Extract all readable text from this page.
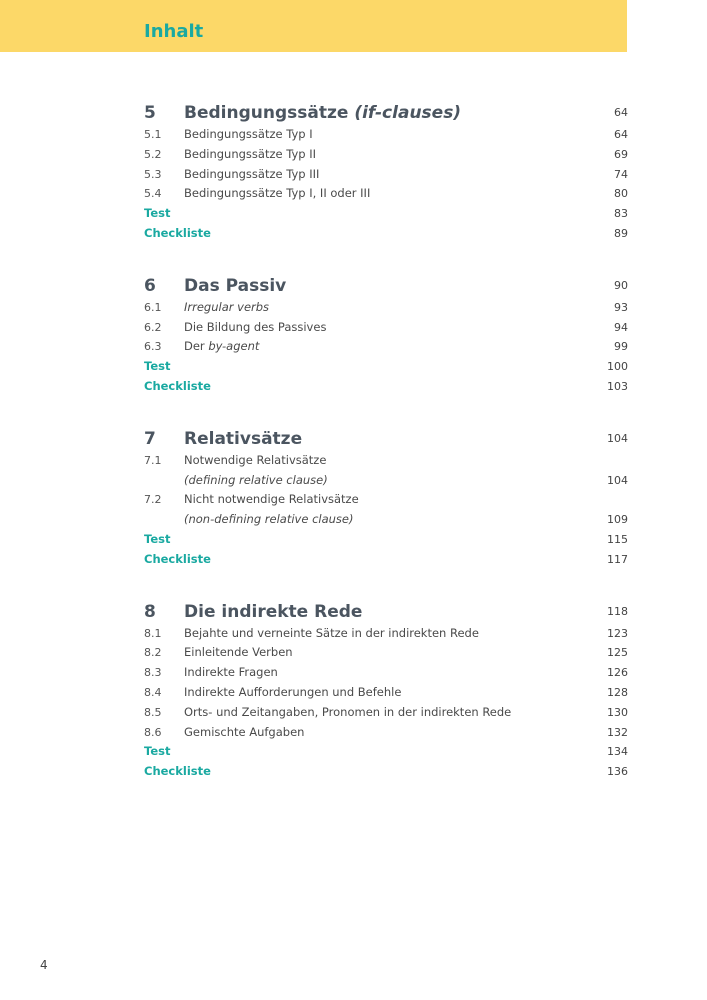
Inhalt
5 Bedingungssätze (if-clauses)	64
5.1 Bedingungssätze Typ I	64
5.2 Bedingungssätze Typ II	69
5.3 Bedingungssätze Typ III	74
5.4 Bedingungssätze Typ I, II oder III	80
Test	83
Checkliste	89
6 Das Passiv	90
6.1 Irregular verbs	93
6.2 Die Bildung des Passives	94
6.3 Der by-agent	99
Test	100
Checkliste	103
7 Relativsätze	104
7.1 Notwendige Relativsätze
(defining relative clause)	104
7.2 Nicht notwendige Relativsätze
(non-defining relative clause)	109
Test	115
Checkliste	117
8 Die indirekte Rede	118
8.1 Bejahte und verneinte Sätze in der indirekten Rede	123
8.2 Einleitende Verben	125
8.3 Indirekte Fragen	126
8.4 Indirekte Aufforderungen und Befehle	128
8.5 Orts- und Zeitangaben, Pronomen in der indirekten Rede	130
8.6 Gemischte Aufgaben	132
Test	134
Checkliste	136
4
